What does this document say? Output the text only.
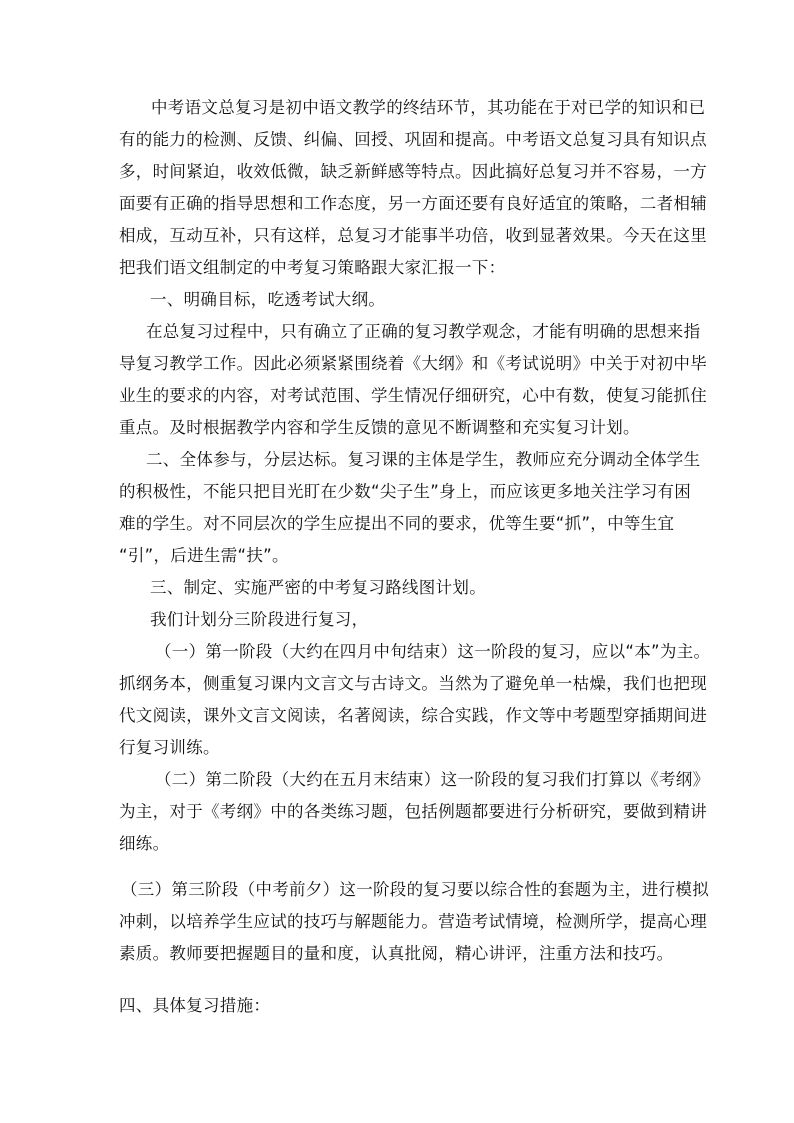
中考语文总复习是初中语文教学的终结环节，其功能在于对已学的知识和已
有的能力的检测、反馈、纠偏、回授、巩固和提高。中考语文总复习具有知识点
多，时间紧迫，收效低微，缺乏新鲜感等特点。因此搞好总复习并不容易，一方
面要有正确的指导思想和工作态度，另一方面还要有良好适宜的策略，二者相辅
相成，互动互补，只有这样，总复习才能事半功倍，收到显著效果。今天在这里
把我们语文组制定的中考复习策略跟大家汇报一下：
一、明确目标，吃透考试大纲。
在总复习过程中，只有确立了正确的复习教学观念，才能有明确的思想来指
导复习教学工作。因此必须紧紧围绕着《大纲》和《考试说明》中关于对初中毕
业生的要求的内容，对考试范围、学生情况仔细研究，心中有数，使复习能抓住
重点。及时根据教学内容和学生反馈的意见不断调整和充实复习计划。
二、全体参与，分层达标。复习课的主体是学生，教师应充分调动全体学生
的积极性，不能只把目光盯在少数“尖子生”身上，而应该更多地关注学习有困
难的学生。对不同层次的学生应提出不同的要求，优等生要“抓”，中等生宜
“引”，后进生需“扶”。
三、制定、实施严密的中考复习路线图计划。
我们计划分三阶段进行复习，
（一）第一阶段（大约在四月中旬结束）这一阶段的复习，应以“本”为主。
抓纲务本，侧重复习课内文言文与古诗文。当然为了避免单一枯燥，我们也把现
代文阅读，课外文言文阅读，名著阅读，综合实践，作文等中考题型穿插期间进
行复习训练。
（二）第二阶段（大约在五月末结束）这一阶段的复习我们打算以《考纲》
为主，对于《考纲》中的各类练习题，包括例题都要进行分析研究，要做到精讲
细练。
（三）第三阶段（中考前夕）这一阶段的复习要以综合性的套题为主，进行模拟
冲刺，以培养学生应试的技巧与解题能力。营造考试情境，检测所学，提高心理
素质。教师要把握题目的量和度，认真批阅，精心讲评，注重方法和技巧。
四、具体复习措施：
